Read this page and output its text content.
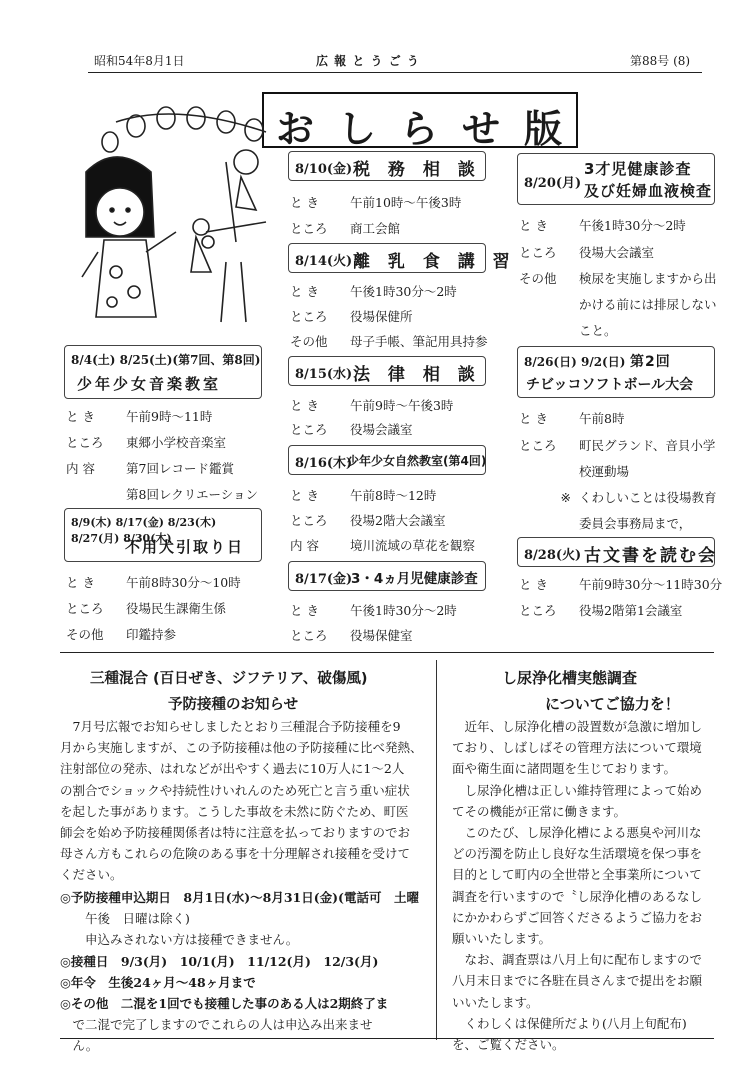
昭和54年8月1日	広 報 と う ご う	第88号 (8)
お し ら せ 版
8/4(土) 8/25(土)(第7回、第8回)
少年少女音楽教室
と き 午前9時～11時
ところ 東郷小学校音楽室
内 容 第7回レコード鑑賞
第8回レクリエーション
8/9(木) 8/17(金) 8/23(木) 8/27(月) 8/30(木)
不用犬引取り日
と き 午前8時30分～10時
ところ 役場民生課衛生係
その他 印鑑持参
8/10(金) 税 務 相 談
と き 午前10時～午後3時
ところ 商工会館
8/14(火) 離 乳 食 講 習
と き 午後1時30分～2時
ところ 役場保健所
その他 母子手帳、筆記用具持参
8/15(水) 法 律 相 談
と き 午前9時～午後3時
ところ 役場会議室
8/16(木)
少年少女自然教室(第4回)
と き 午前8時～12時
ところ 役場2階大会議室
内 容 境川流域の草花を観察
8/17(金)
3・4ヵ月児健康診査
と き 午後1時30分～2時
ところ 役場保健室
8/20(月)
3才児健康診査
及び妊婦血液検査
と き 午後1時30分～2時
ところ 役場大会議室
その他 検尿を実施しますから出
かける前には排尿しない
こと。
8/26(日) 9/2(日) 第2回
チビッコソフトボール大会
と き 午前8時
ところ 町民グランド、音貝小学
校運動場
※ くわしいことは役場教育
委員会事務局まで，
8/28(火) 古文書を読む会
と き 午前9時30分～11時30分
ところ 役場2階第1会議室
三種混合 (百日ぜき、ジフテリア、破傷風)
予防接種のお知らせ

　7月号広報でお知らせしましたとおり三種混合予防接種を9

月から実施しますが、この予防接種は他の予防接種に比べ発熱、

注射部位の発赤、はれなどが出やすく過去に10万人に1～2人

の割合でショックや持続性けいれんのため死亡と言う重い症状

を起した事があります。こうした事故を未然に防ぐため、町医

師会を始め予防接種関係者は特に注意を払っておりますのでお

母さん方もこれらの危険のある事を十分理解され接種を受けて

ください。

◎予防接種申込期日　8月1日(水)～8月31日(金)(電話可　土曜

　　午後　日曜は除く)

　　申込みされない方は接種できません。

◎接種日　9/3(月)　10/1(月)　11/12(月)　12/3(月)

◎年令　生後24ヶ月～48ヶ月まで

◎その他　二混を1回でも接種した事のある人は2期終了ま

　で二混で完了しますのでこれらの人は申込み出来ませ

　ん。

し尿浄化槽実態調査
についてご協力を！

　近年、し尿浄化槽の設置数が急激に増加し

ており、しばしばその管理方法について環境

面や衛生面に諸問題を生じております。

　し尿浄化槽は正しい維持管理によって始め

てその機能が正常に働きます。

　このたび、し尿浄化槽による悪臭や河川な

どの汚濁を防止し良好な生活環境を保つ事を

目的として町内の全世帯と全事業所について

調査を行いますので〝し尿浄化槽のあるなし

にかかわらずご回答くださるようご協力をお

願いいたします。

　なお、調査票は八月上旬に配布しますので

八月末日までに各駐在員さんまで提出をお願

いいたします。

　くわしくは保健所だより(八月上旬配布)

を、ご覧ください。
